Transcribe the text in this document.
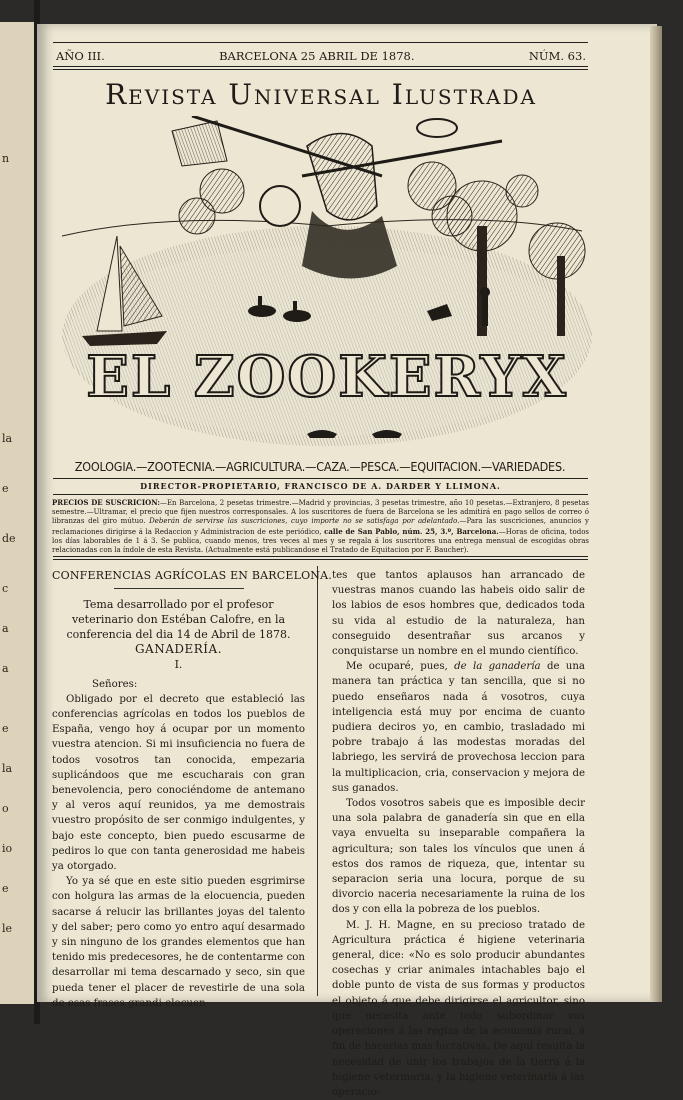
n
la
e
de
c
a
a
e
la
o
io
e
le
AÑO III.	BARCELONA 25 ABRIL DE 1878.	NÚM. 63.
Revista Universal Ilustrada
EL ZOOKERYX
ZOOLOGIA.—ZOOTECNIA.—AGRICULTURA.—CAZA.—PESCA.—EQUITACION.—VARIEDADES.
DIRECTOR-PROPIETARIO, FRANCISCO DE A. DARDER Y LLIMONA.
PRECIOS DE SUSCRICION:—En Barcelona, 2 pesetas trimestre.—Madrid y provincias, 3 pesetas trimestre, año 10 pesetas.—Extranjero, 8 pesetas semestre.—Ultramar, el precio que fijen nuestros corresponsales. A los suscritores de fuera de Barcelona se les admitirá en pago sellos de correo ó libranzas del giro mútuo. Deberán de servirse las suscriciones, cuyo importe no se satisfaga por adelantado.—Para las suscriciones, anuncios y reclamaciones dirigirse á la Redaccion y Administracion de este periódico, calle de San Pablo, núm. 25, 3.º, Barcelona.—Horas de oficina, todos los días laborables de 1 á 3. Se publica, cuando menos, tres veces al mes y se regala á los suscritores una entrega mensual de escogidas obras relacionadas con la índole de esta Revista. (Actualmente está publicandose el Tratado de Equitacion por F. Baucher).

CONFERENCIAS AGRÍCOLAS EN BARCELONA.

Tema desarrollado por el profesor veterinario don Estéban Calofre, en la conferencia del dia 14 de Abril de 1878.

GANADERÍA.

I.

Señores:

Obligado por el decreto que estableció las conferencias agrícolas en todos los pueblos de España, vengo hoy á ocupar por un momento vuestra atencion. Si mi insuficiencia no fuera de todos vosotros tan conocida, empezaria suplicándoos que me escucharais con gran benevolencia, pero conociéndome de antemano y al veros aquí reunidos, ya me demostrais vuestro propósito de ser conmigo indulgentes, y bajo este concepto, bien puedo escusarme de pediros lo que con tanta generosidad me habeis ya otorgado.

Yo ya sé que en este sitio pueden esgrimirse con holgura las armas de la elocuencia, pueden sacarse á relucir las brillantes joyas del talento y del saber; pero como yo entro aquí desarmado y sin ninguno de los grandes elementos que han tenido mis predecesores, he de contentarme con desarrollar mi tema descarnado y seco, sin que pueda tener el placer de revestirle de una sola de esas frases grandi-elocuen-

tes que tantos aplausos han arrancado de vuestras manos cuando las habeis oido salir de los labios de esos hombres que, dedicados toda su vida al estudio de la naturaleza, han conseguido desentrañar sus arcanos y conquistarse un nombre en el mundo científico.

Me ocuparé, pues, de la ganadería de una manera tan práctica y tan sencilla, que si no puedo enseñaros nada á vosotros, cuya inteligencia está muy por encima de cuanto pudiera deciros yo, en cambio, trasladado mi pobre trabajo á las modestas moradas del labriego, les servirá de provechosa leccion para la multiplicacion, cria, conservacion y mejora de sus ganados.

Todos vosotros sabeis que es imposible decir una sola palabra de ganadería sin que en ella vaya envuelta su inseparable compañera la agricultura; son tales los vínculos que unen á estos dos ramos de riqueza, que, intentar su separacion seria una locura, porque de su divorcio naceria necesariamente la ruina de los dos y con ella la pobreza de los pueblos.

M. J. H. Magne, en su precioso tratado de Agricultura práctica é higiene veterinaria general, dice: «No es solo producir abundantes cosechas y criar animales intachables bajo el doble punto de vista de sus formas y productos el objeto á que debe dirigirse el agricultor, sino que necesita ante todo subordinar sus operaciones á las reglas de la economía rural, á fin de hacerlas mas lucrativas. De aquí resulta la necesidad de unir los trabajos de la tierra á la higiene veterinaria, y la higiene veterinaria á las operacio-
